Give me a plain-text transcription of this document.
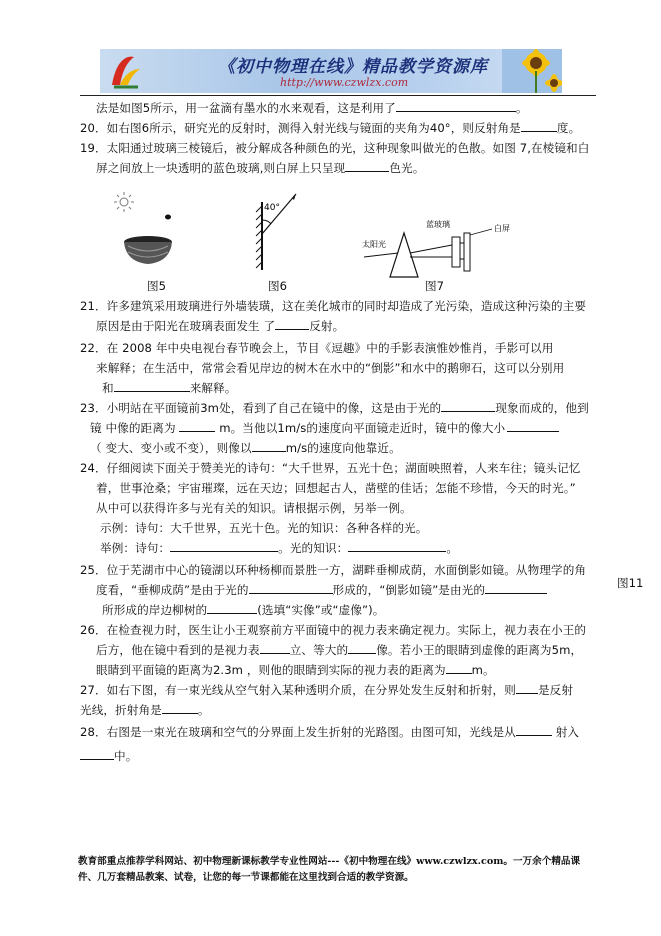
《初中物理在线》精品教学资源库
http://www.czwlzx.com
法是如图5所示，用一盆滴有墨水的水来观看，这是利用了	。
20．如右图6所示，研究光的反射时，测得入射光线与镜面的夹角为40°，则反射角是	度。
19．太阳通过玻璃三棱镜后，被分解成各种颜色的光，这种现象叫做光的色散。如图 7,在棱镜和白
屏之间放上一块透明的蓝色玻璃,则白屏上只呈现	色光。
图5
40°
图6
太阳光
蓝玻璃	白屏
图7
21．许多建筑采用玻璃进行外墙装璜，这在美化城市的同时却造成了光污染，造成这种污染的主要
原因是由于阳光在玻璃表面发生 了	反射。
22．在 2008 年中央电视台春节晚会上，节目《逗趣》中的手影表演惟妙惟肖，手影可以用
来解释；在生活中，常常会看见岸边的树木在水中的“倒影”和水中的鹅卵石，这可以分别用
和	来解释。
23．小明站在平面镜前3m处，看到了自己在镜中的像，这是由于光的	现象而成的，他到
镜 中像的距离为	m。当他以1m/s的速度向平面镜走近时，镜中的像大小
（ 变大、变小或不变），则像以	m/s的速度向他靠近。
24．仔细阅读下面关于赞美光的诗句：“大千世界，五光十色；湖面映照着，人来车往；镜头记忆
着，世事沧桑；宇宙璀璨，远在天边；回想起古人，凿壁的佳话；怎能不珍惜，今天的时光。”
从中可以获得许多与光有关的知识。请根据示例，另举一例。
示例：诗句：大千世界，五光十色。光的知识：各种各样的光。
举例：诗句：	。光的知识：	。
25．位于芜湖市中心的镜湖以环种杨柳而景胜一方，湖畔垂柳成荫，水面倒影如镜。从物理学的角
度看，“垂柳成荫”是由于光的	形成的，“倒影如镜”是由光的	图11
所形成的岸边柳树的	(选填“实像”或“虚像”)。
26．在检查视力时，医生让小王观察前方平面镜中的视力表来确定视力。实际上，视力表在小王的
后方，他在镜中看到的是视力表	立、等大的 像。若小王的眼睛到虚像的距离为5m，
眼睛到平面镜的距离为2.3m ，则他的眼睛到实际的视力表的距离为 m。
27．如右下图，有一束光线从空气射入某种透明介质，在分界处发生反射和折射，则 是反射
光线，折射角是	。
28．右图是一束光在玻璃和空气的分界面上发生折射的光路图。由图可知，光线是从	射入
中。
教育部重点推荐学科网站、初中物理新课标教学专业性网站---《初中物理在线》www.czwlzx.com。一万余个精品课
件、几万套精品教案、试卷，让您的每一节课都能在这里找到合适的教学资源。
